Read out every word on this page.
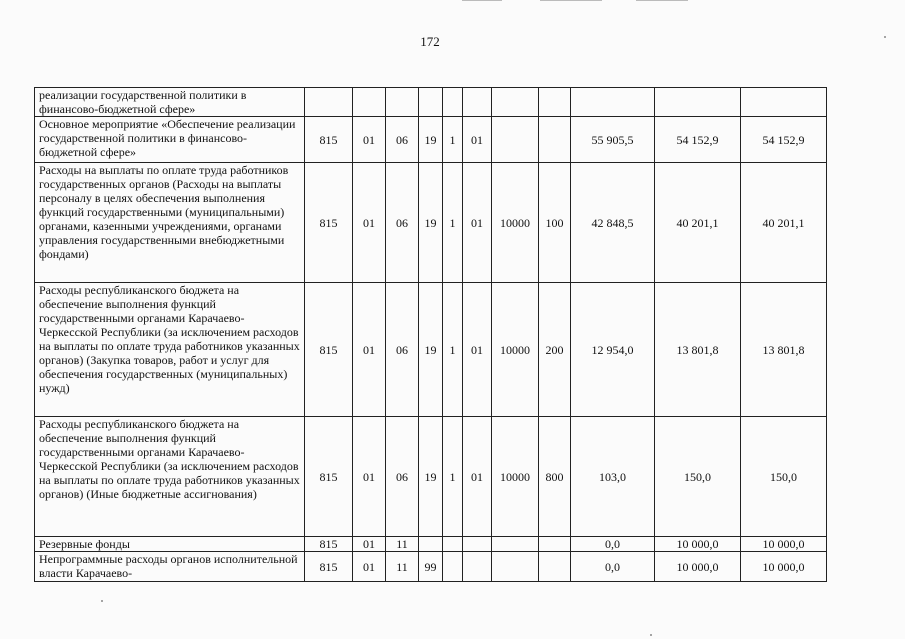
172
реализации государственной политики в финансово-бюджетной сфере»											
Основное мероприятие «Обеспечение реализации государственной политики в финансово-бюджетной сфере»	815	01	06	19	1	01			55 905,5	54 152,9	54 152,9
Расходы на выплаты по оплате труда работников государственных органов (Расходы на выплаты персоналу в целях обеспечения выполнения функций государственными (муниципальными) органами, казенными учреждениями, органами управления государственными внебюджетными фондами)	815	01	06	19	1	01	10000	100	42 848,5	40 201,1	40 201,1
Расходы республиканского бюджета на обеспечение выполнения функций государственными органами Карачаево-Черкесской Республики (за исключением расходов на выплаты по оплате труда работников указанных органов) (Закупка товаров, работ и услуг для обеспечения государственных (муниципальных) нужд)	815	01	06	19	1	01	10000	200	12 954,0	13 801,8	13 801,8
Расходы республиканского бюджета на обеспечение выполнения функций государственными органами Карачаево-Черкесской Республики (за исключением расходов на выплаты по оплате труда работников указанных органов) (Иные бюджетные ассигнования)	815	01	06	19	1	01	10000	800	103,0	150,0	150,0
Резервные фонды	815	01	11						0,0	10 000,0	10 000,0
Непрограммные расходы органов исполнительной власти Карачаево-	815	01	11	99					0,0	10 000,0	10 000,0
